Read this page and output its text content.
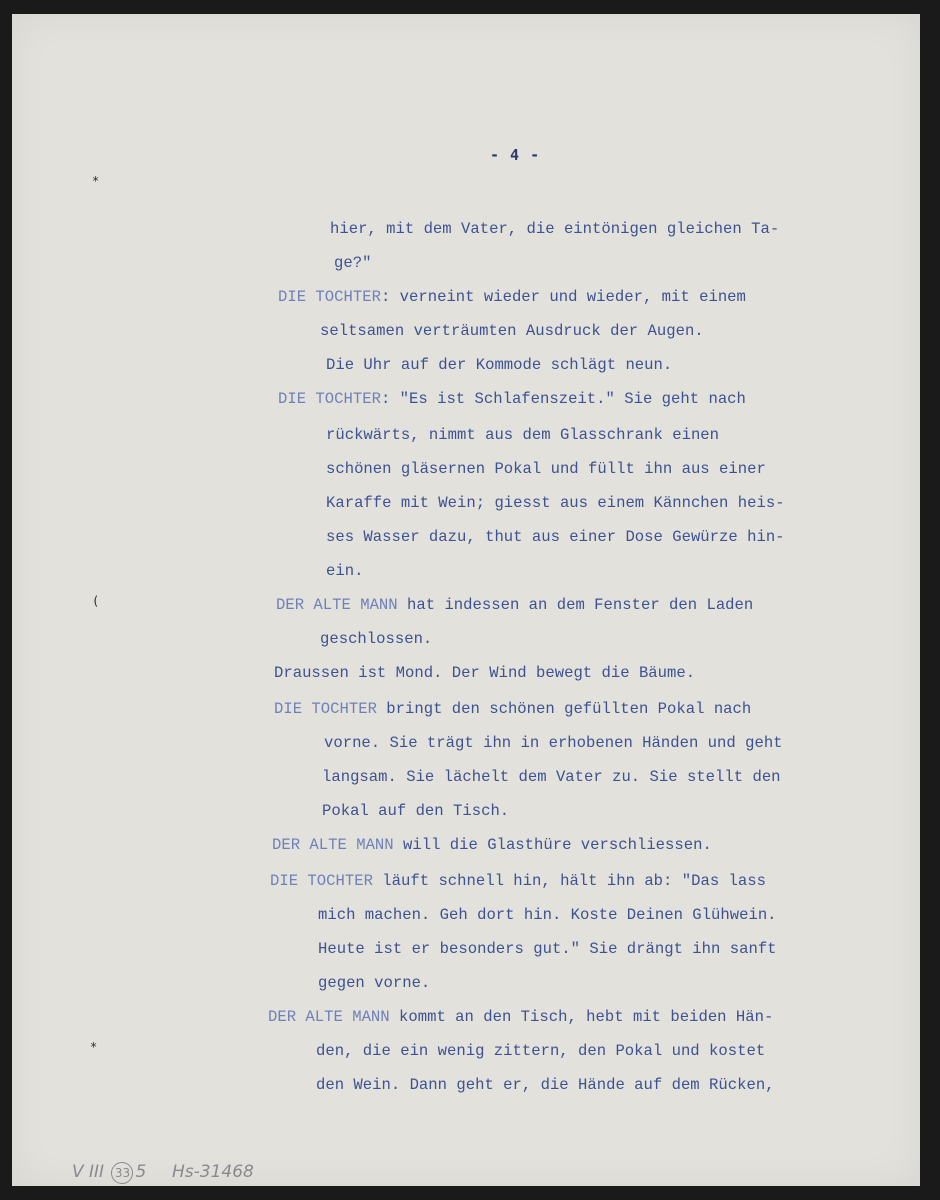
- 4 -
*
(
*
hier, mit dem Vater, die eintönigen gleichen Ta-
ge?"
DIE TOCHTER: verneint wieder und wieder, mit einem
seltsamen verträumten Ausdruck der Augen.
Die Uhr auf der Kommode schlägt neun.
DIE TOCHTER: "Es ist Schlafenszeit." Sie geht nach
rückwärts, nimmt aus dem Glasschrank einen
schönen gläsernen Pokal und füllt ihn aus einer
Karaffe mit Wein; giesst aus einem Kännchen heis-
ses Wasser dazu, thut aus einer Dose Gewürze hin-
ein.
DER ALTE MANN hat indessen an dem Fenster den Laden
geschlossen.
Draussen ist Mond. Der Wind bewegt die Bäume.
DIE TOCHTER bringt den schönen gefüllten Pokal nach
vorne. Sie trägt ihn in erhobenen Händen und geht
langsam. Sie lächelt dem Vater zu. Sie stellt den
Pokal auf den Tisch.
DER ALTE MANN will die Glasthüre verschliessen.
DIE TOCHTER läuft schnell hin, hält ihn ab: "Das lass
mich machen. Geh dort hin. Koste Deinen Glühwein.
Heute ist er besonders gut." Sie drängt ihn sanft
gegen vorne.
DER ALTE MANN kommt an den Tisch, hebt mit beiden Hän-
den, die ein wenig zittern, den Pokal und kostet
den Wein. Dann geht er, die Hände auf dem Rücken,
V III 33 5 Hs-31468
